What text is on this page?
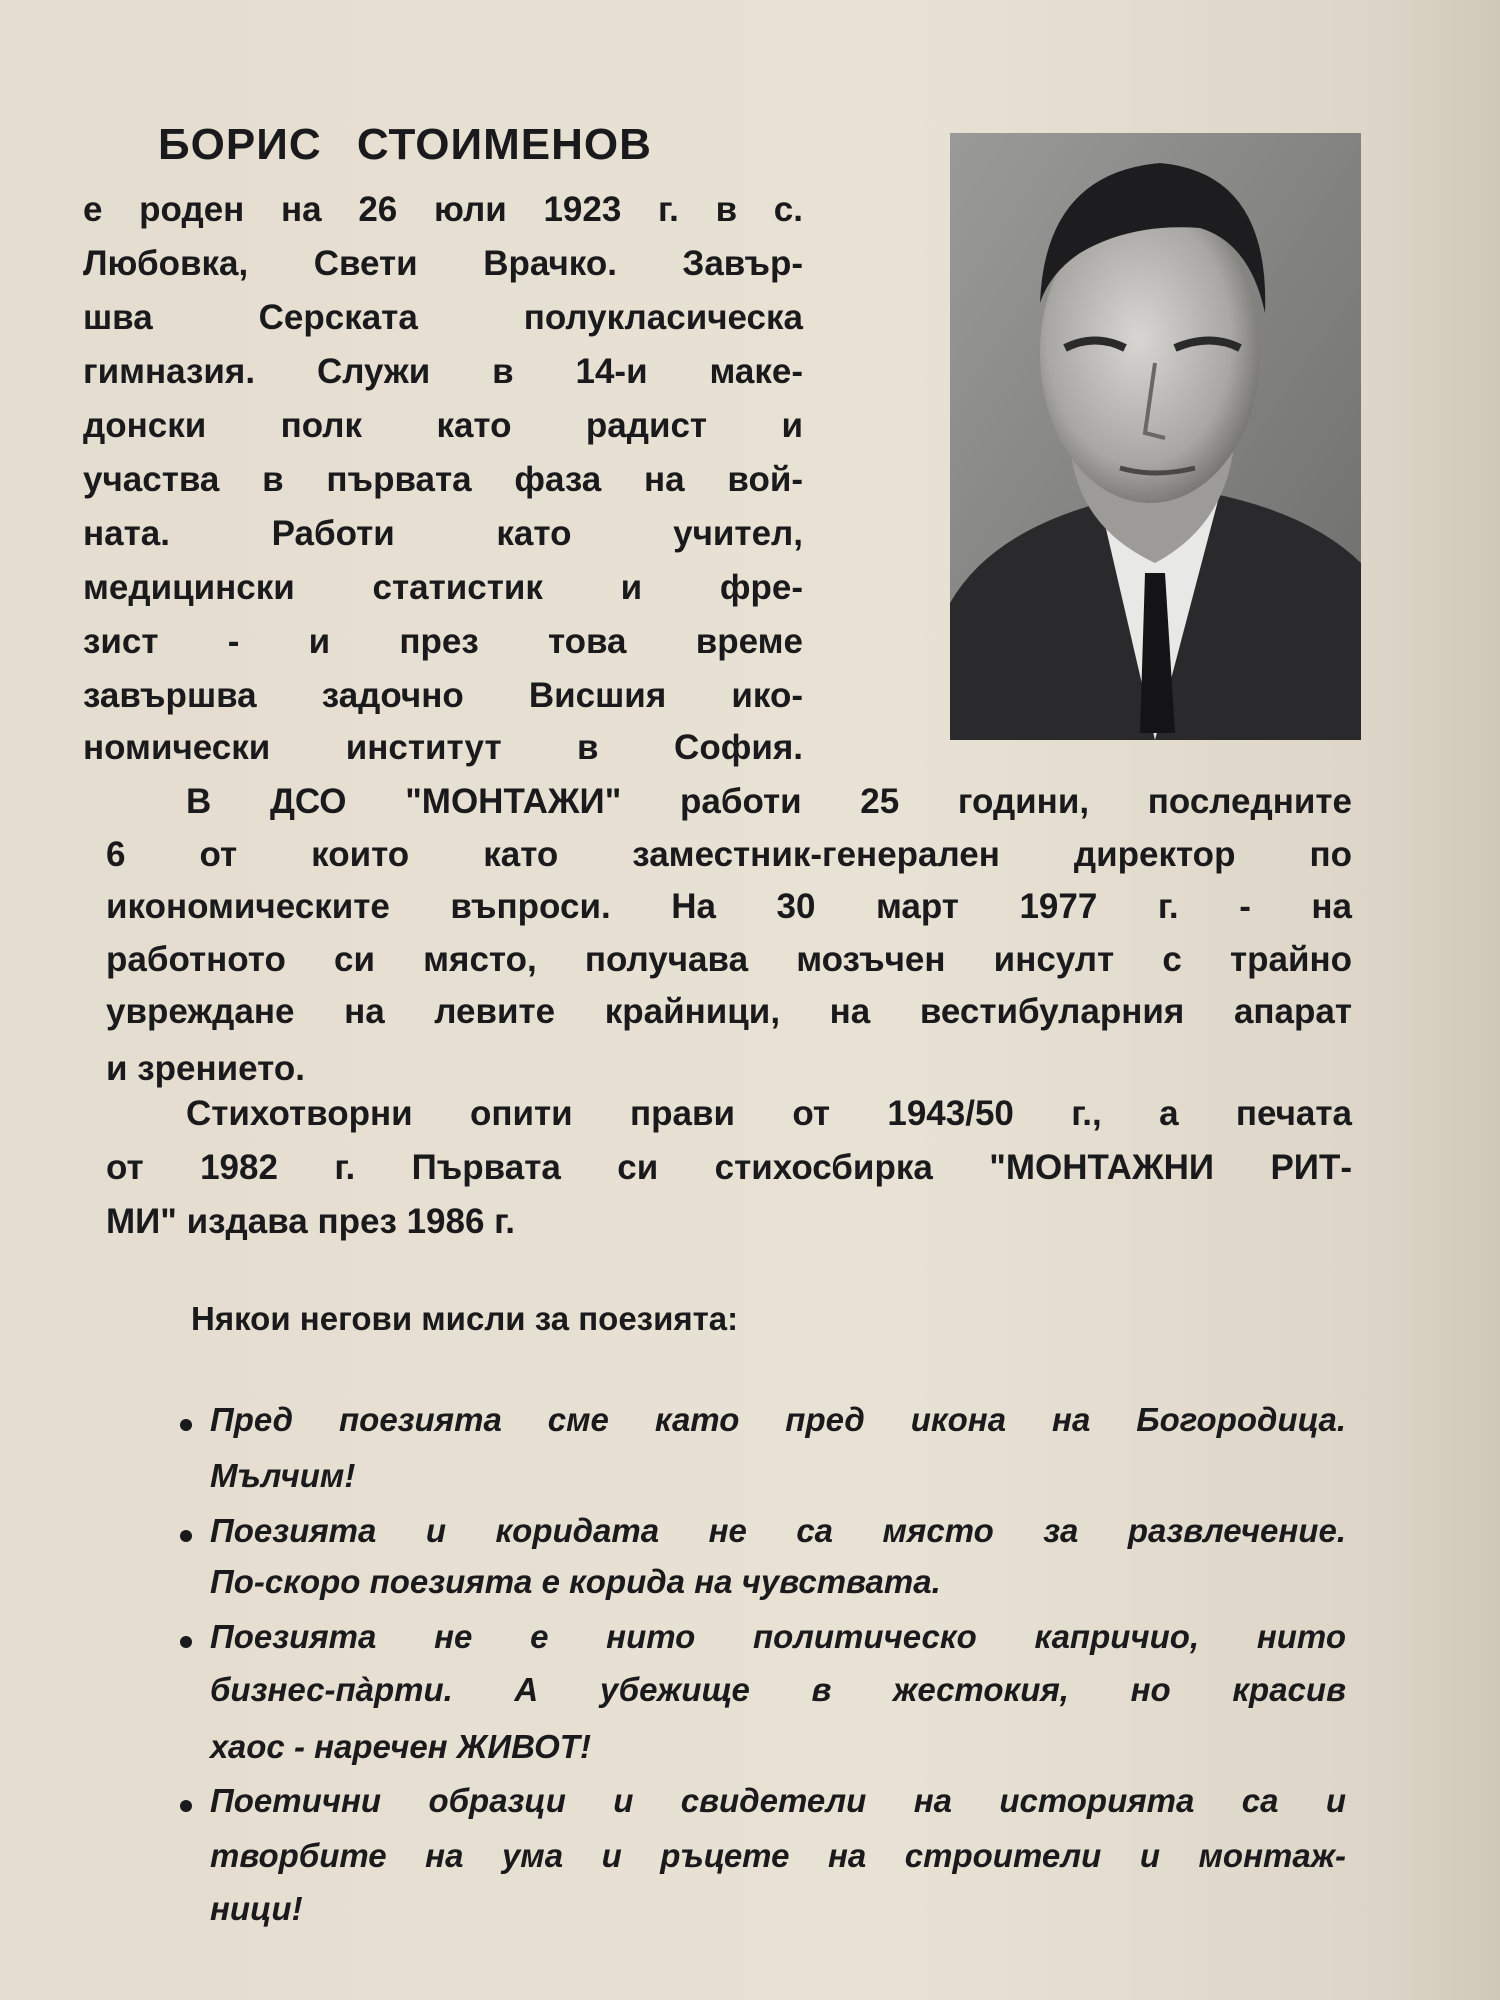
БОРИС СТОИМЕНОВ
е роден на 26 юли 1923 г. в с.
Любовка, Свети Врачко. Завър-
шва Серската полукласическа
гимназия. Служи в 14-и маке-
донски полк като радист и
участва в първата фаза на вой-
ната. Работи като учител,
медицински статистик и фре-
зист - и през това време
завършва задочно Висшия ико-
номически институт в София.
В ДСО "МОНТАЖИ" работи 25 години, последните
6 от които като заместник-генерален директор по
икономическите въпроси. На 30 март 1977 г. - на
работното си място, получава мозъчен инсулт с трайно
увреждане на левите крайници, на вестибуларния апарат
и зрението.
Стихотворни опити прави от 1943/50 г., а печата
от 1982 г. Първата си стихосбирка "МОНТАЖНИ РИТ-
МИ" издава през 1986 г.
Някои негови мисли за поезията:
Пред поезията сме като пред икона на Богородица.
Мълчим!
Поезията и коридата не са място за развлечение.
По-скоро поезията е корида на чувствата.
Поезията не е нито политическо капричио, нито
бизнес-пàрти. А убежище в жестокия, но красив
хаос - наречен ЖИВОТ!
Поетични образци и свидетели на историята са и
творбите на ума и ръцете на строители и монтаж-
ници!
